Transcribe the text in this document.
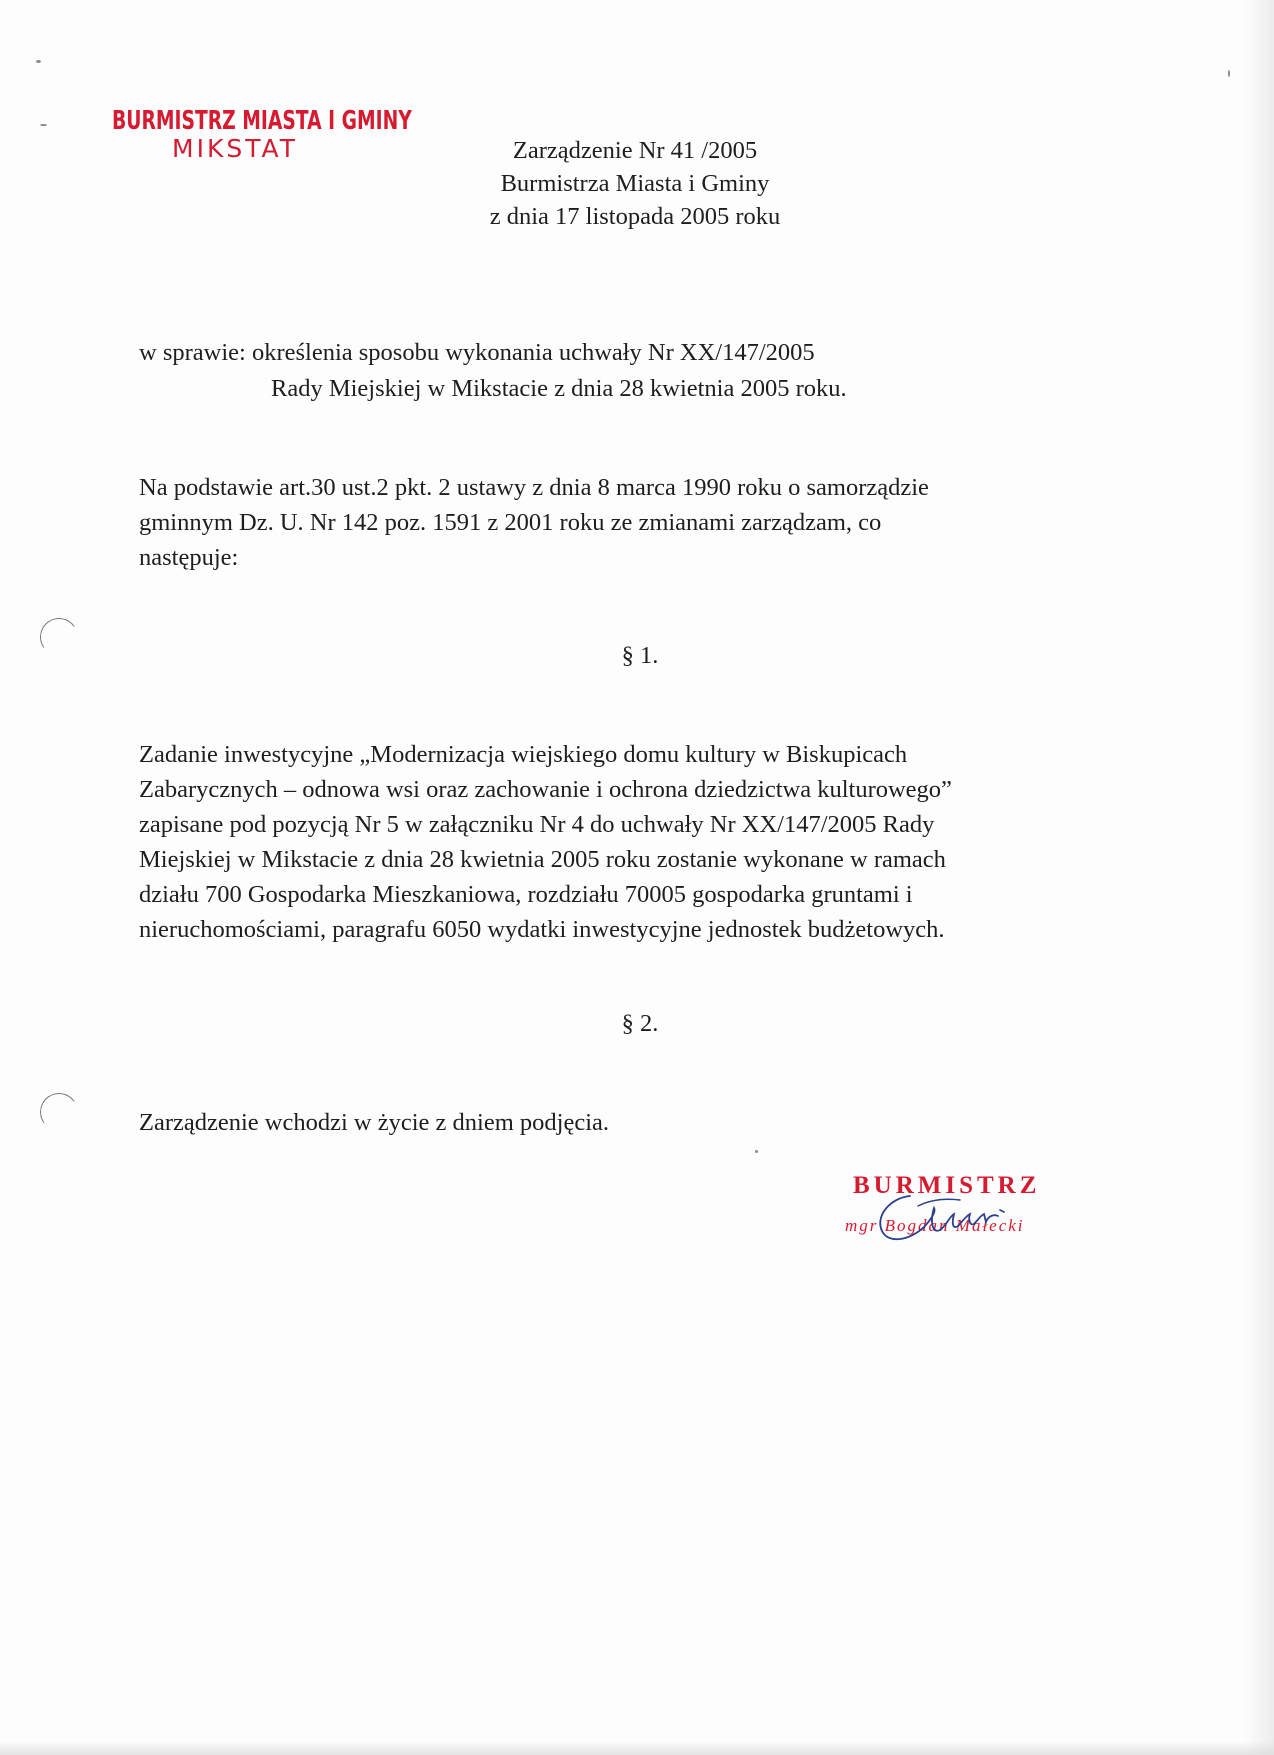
BURMISTRZ MIASTA I GMINY
MIKSTAT	Zarządzenie Nr 41 /2005
Burmistrza Miasta i Gminy
z dnia 17 listopada 2005 roku
w sprawie: określenia sposobu wykonania uchwały Nr XX/147/2005
Rady Miejskiej w Mikstacie z dnia 28 kwietnia 2005 roku.
Na podstawie art.30 ust.2 pkt. 2 ustawy z dnia 8 marca 1990 roku o samorządzie
gminnym Dz. U. Nr 142 poz. 1591 z 2001 roku ze zmianami zarządzam, co
następuje:
§ 1.
Zadanie inwestycyjne „Modernizacja wiejskiego domu kultury w Biskupicach
Zabarycznych – odnowa wsi oraz zachowanie i ochrona dziedzictwa kulturowego”
zapisane pod pozycją Nr 5 w załączniku Nr 4 do uchwały Nr XX/147/2005 Rady
Miejskiej w Mikstacie z dnia 28 kwietnia 2005 roku zostanie wykonane w ramach
działu 700 Gospodarka Mieszkaniowa, rozdziału 70005 gospodarka gruntami i
nieruchomościami, paragrafu 6050 wydatki inwestycyjne jednostek budżetowych.
§ 2.
Zarządzenie wchodzi w życie z dniem podjęcia.
BURMISTRZ
mgr Bogdan Małecki
